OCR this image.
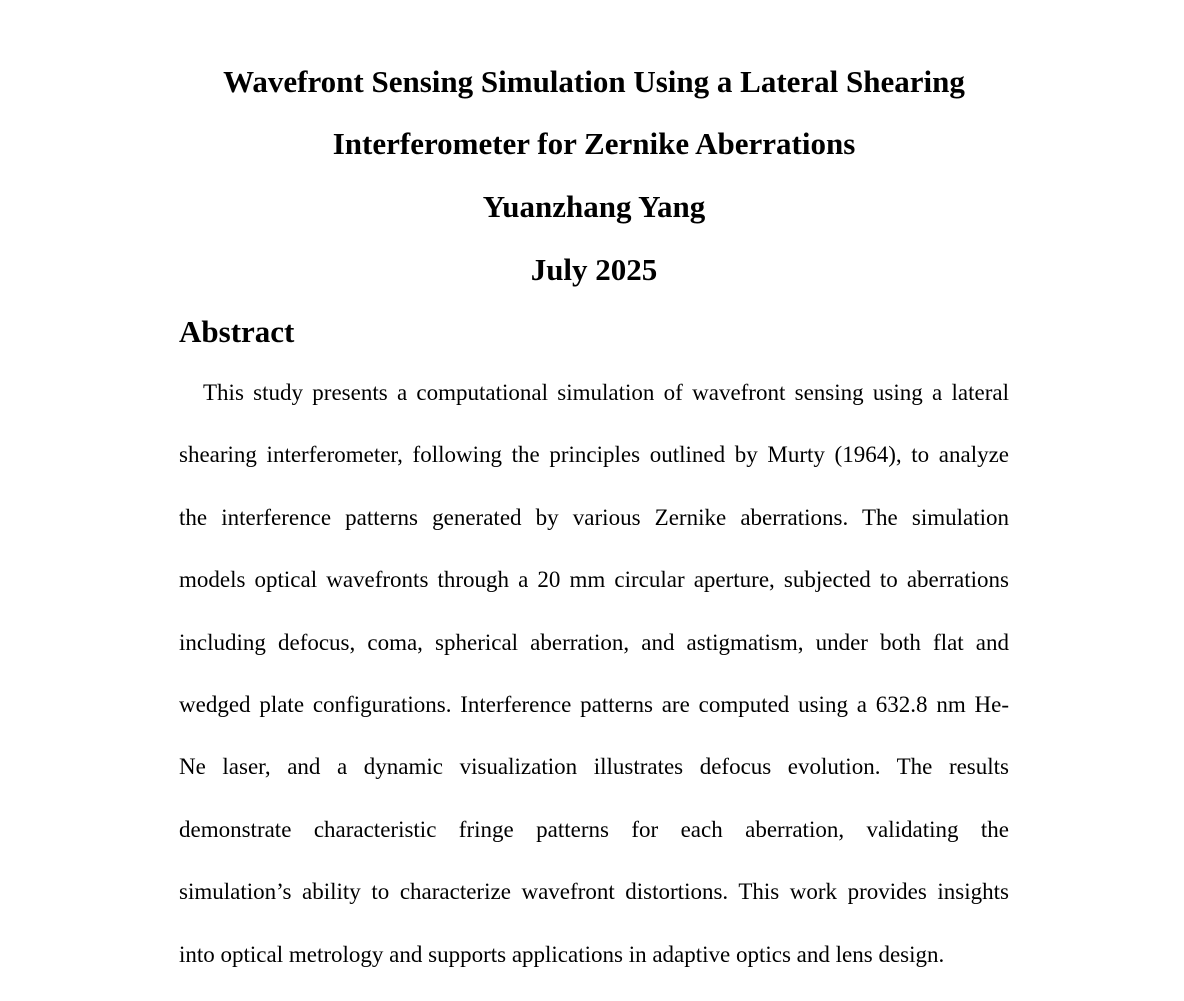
Wavefront Sensing Simulation Using a Lateral Shearing
Interferometer for Zernike Aberrations
Yuanzhang Yang
July 2025
Abstract
This study presents a computational simulation of wavefront sensing using a lateral
shearing interferometer, following the principles outlined by Murty (1964), to analyze
the interference patterns generated by various Zernike aberrations. The simulation
models optical wavefronts through a 20 mm circular aperture, subjected to aberrations
including defocus, coma, spherical aberration, and astigmatism, under both flat and
wedged plate configurations. Interference patterns are computed using a 632.8 nm He-
Ne laser, and a dynamic visualization illustrates defocus evolution. The results
demonstrate characteristic fringe patterns for each aberration, validating the
simulation’s ability to characterize wavefront distortions. This work provides insights
into optical metrology and supports applications in adaptive optics and lens design.
